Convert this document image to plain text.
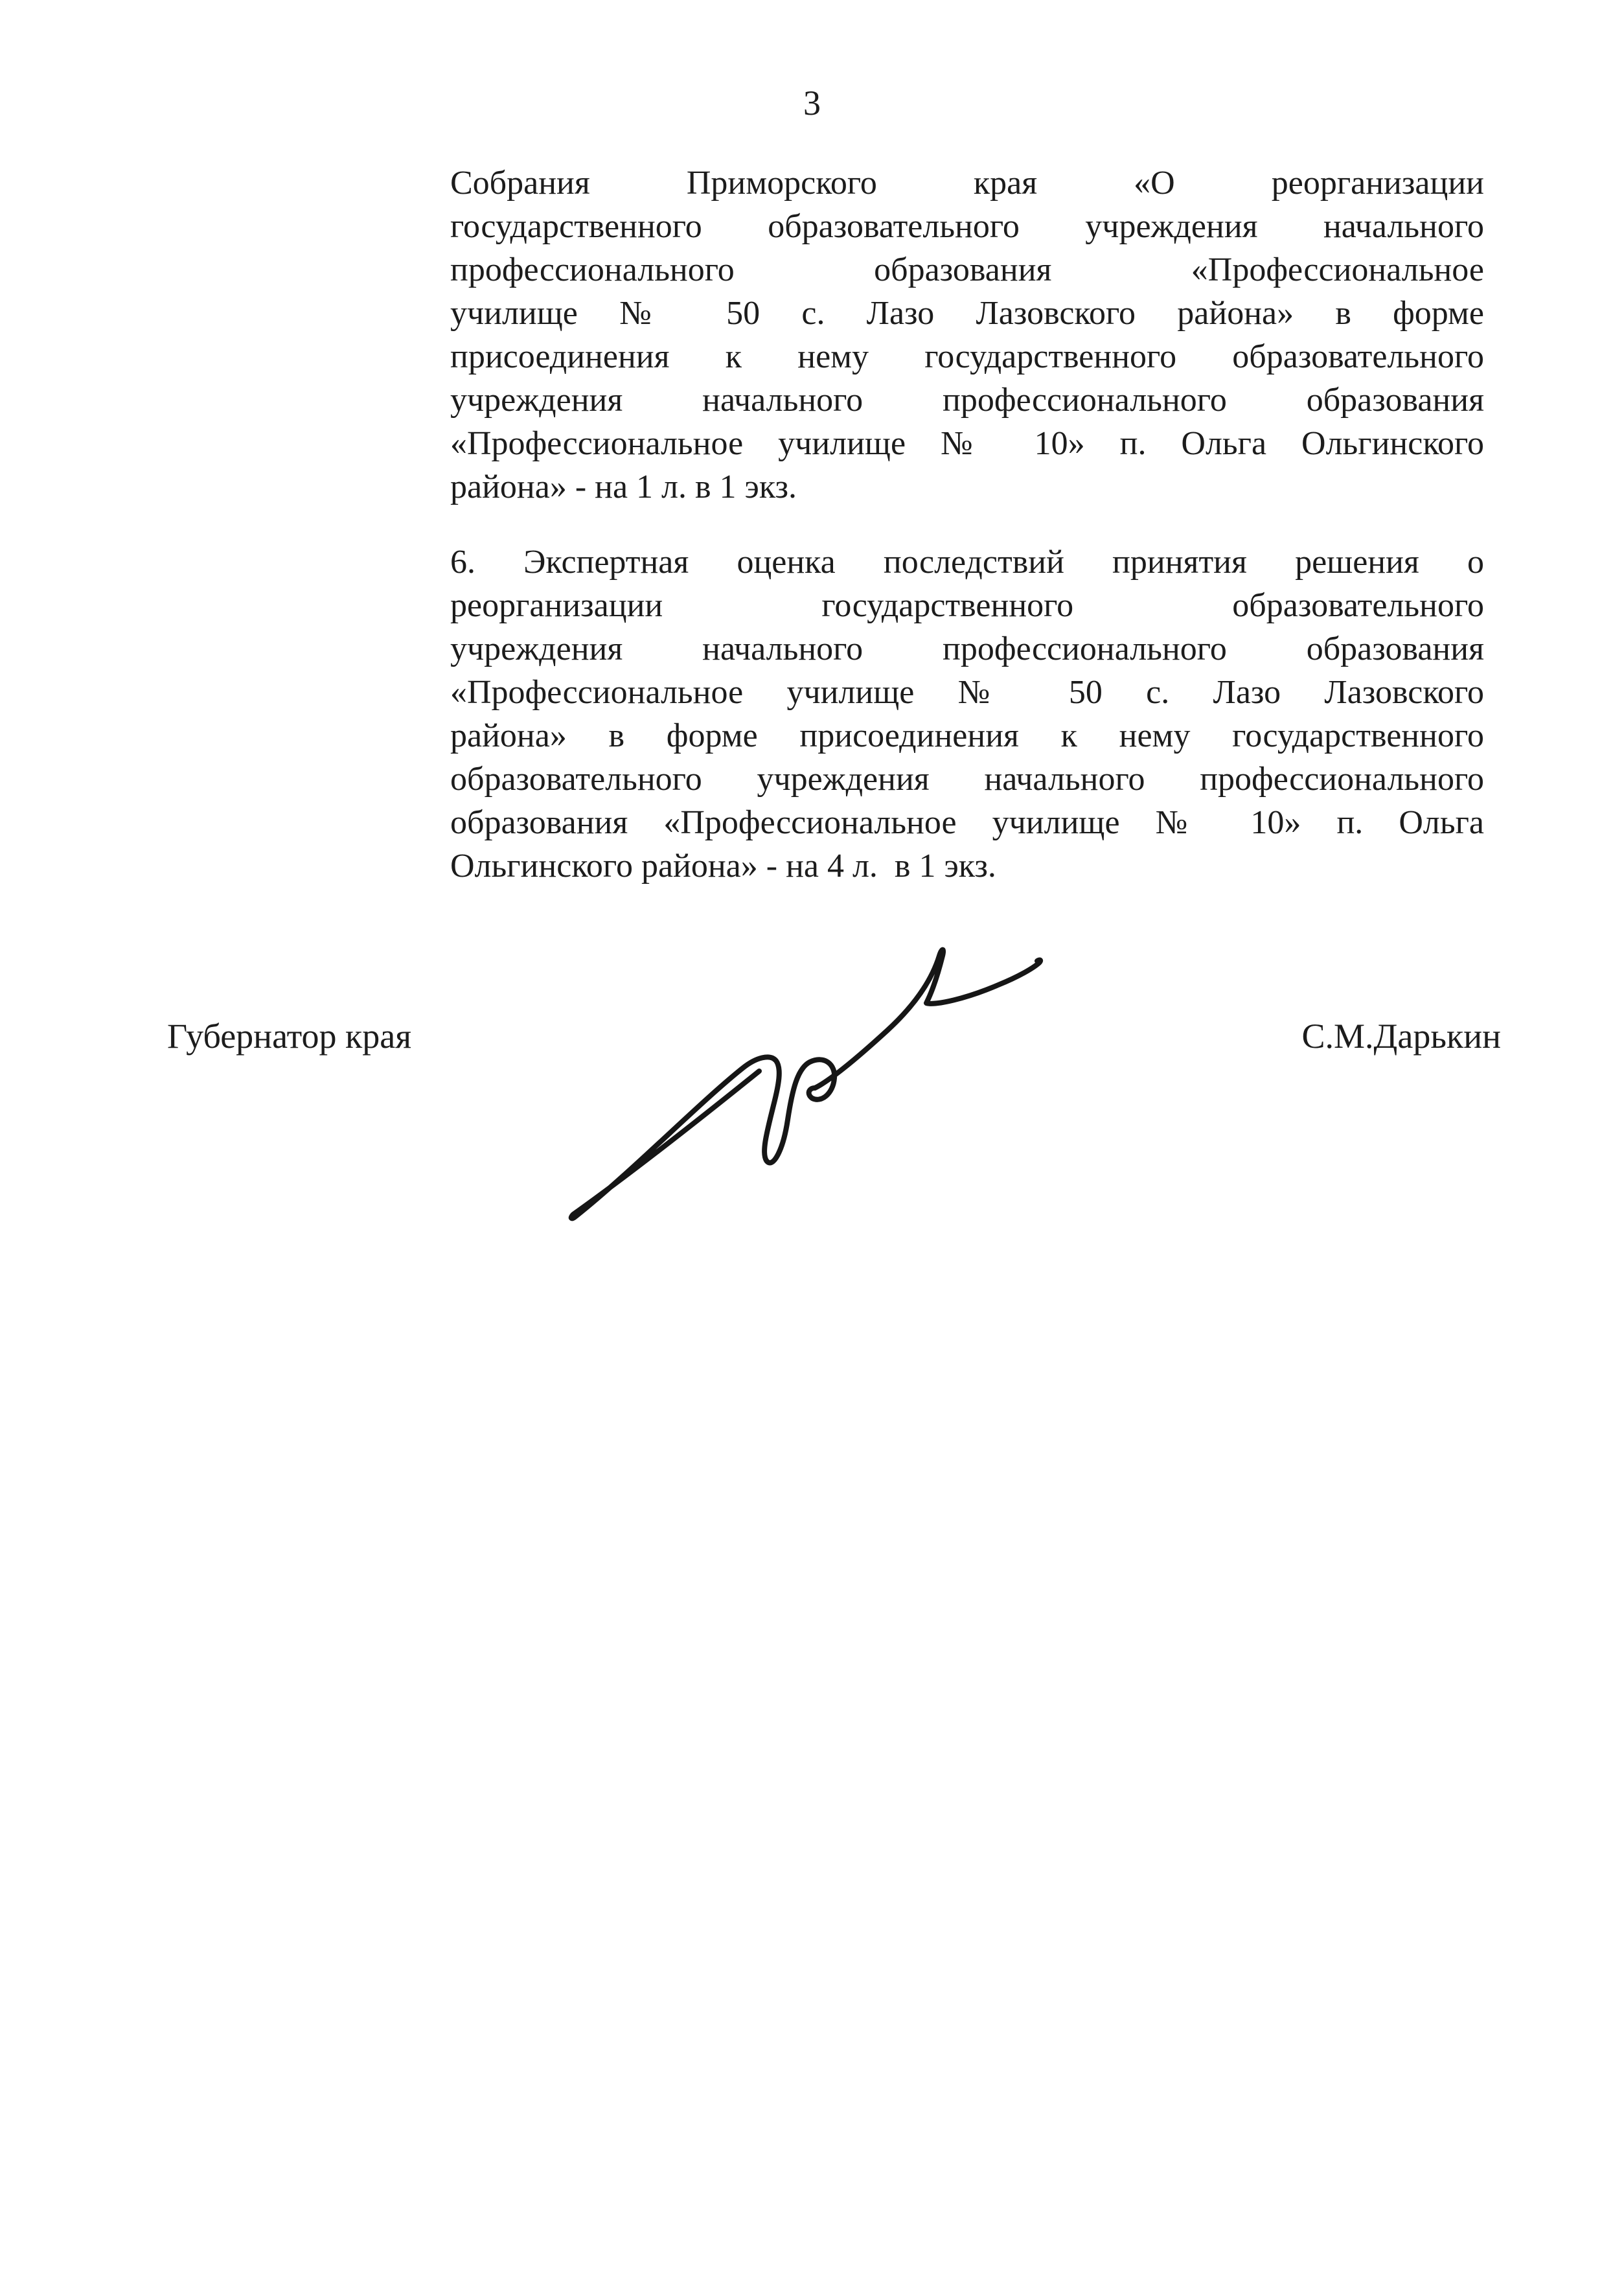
3
Собрания Приморского края «О реорганизации
государственного образовательного учреждения начального
профессионального образования «Профессиональное
училище № 50 с. Лазо Лазовского района» в форме
присоединения к нему государственного образовательного
учреждения начального профессионального образования
«Профессиональное училище № 10» п. Ольга Ольгинского
района» - на 1 л. в 1 экз.
6. Экспертная оценка последствий принятия решения о
реорганизации государственного образовательного
учреждения начального профессионального образования
«Профессиональное училище № 50 с. Лазо Лазовского
района» в форме присоединения к нему государственного
образовательного учреждения начального профессионального
образования «Профессиональное училище № 10» п. Ольга
Ольгинского района» - на 4 л.  в 1 экз.
Губернатор края	С.М.Дарькин
